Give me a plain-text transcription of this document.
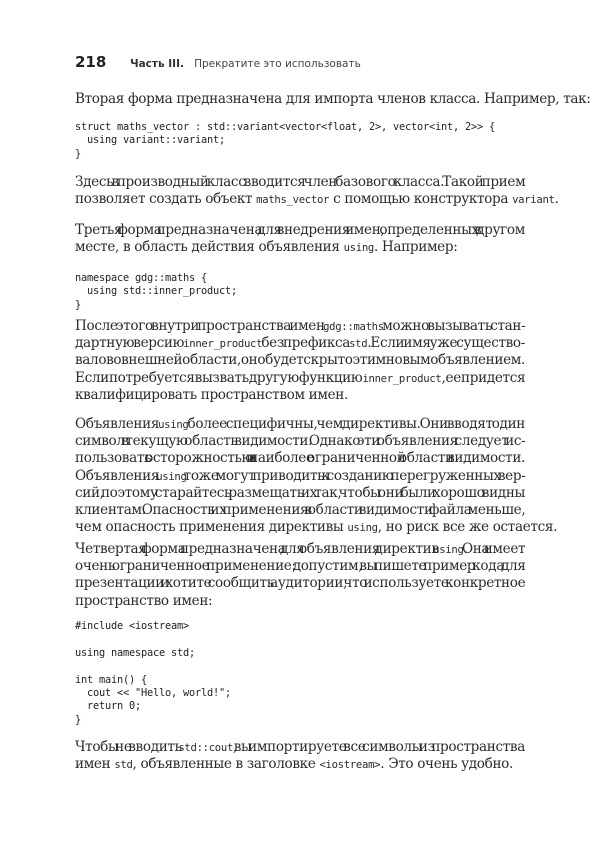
218 Часть III. Прекратите это использовать
Вторая форма предназначена для импорта членов класса. Например, так:
struct maths_vector : std::variant<vector<float, 2>, vector<int, 2>> {
using variant::variant;
}
Здесь в производный класс вводится член базового класса. Такой прием
позволяет создать объект maths_vector с помощью конструктора variant.
Третья форма предназначена для внедрения имен, определенных в другом
месте, в область действия объявления using. Например:
namespace gdg::maths {
using std::inner_product;
}
После этого внутри пространства имен gdg::maths можно вызывать стан-
дартную версию inner_product без префикса std. Если имя уже существо-
вало во внешней области, оно будет скрыто этим новым объявлением.
Если потребуется вызвать другую функцию inner_product, ее придется
квалифицировать пространством имен.
Объявления using более специфичны, чем директивы. Они вводят один
символ в текущую область видимости. Однако эти объявления следует ис-
пользовать с осторожностью и в наиболее ограниченной области видимости.
Объявления using тоже могут приводить к созданию перегруженных вер-
сий, поэтому старайтесь размещать их так, чтобы они были хорошо видны
клиентам. Опасность их применения в области видимости файла меньше,
чем опасность применения директивы using, но риск все же остается.
Четвертая форма предназначена для объявления директив using. Она имеет
очень ограниченное применение: допустим, вы пишете пример кода для
презентации и хотите сообщить аудитории, что используете конкретное
пространство имен:
#include <iostream>
using namespace std;
int main() {
cout << "Hello, world!";
return 0;
}
Чтобы не вводить std::cout, вы импортируете все символы из пространства
имен std, объявленные в заголовке <iostream>. Это очень удобно.
